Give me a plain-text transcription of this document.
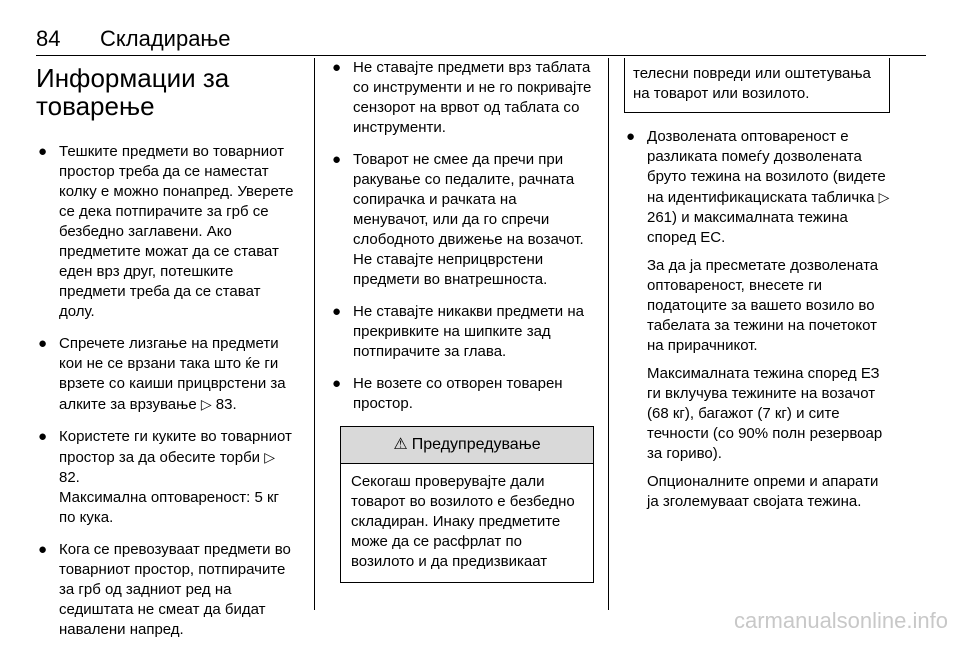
84 Складирање
Информации за
товарење
● Тешките предмети во товарниот простор треба да се наместат колку е можно понапред. Уверете се дека потпирачите за грб се безбедно заглавени. Ако предметите можат да се стават еден врз друг, потешките предмети треба да се стават долу.

● Спречете лизгање на предмети кои не се врзани така што ќе ги врзете со каиши прицврстени за алките за врзување ▷ 83.

● Користете ги куките во товарниот простор за да обесите торби ▷ 82.
Максимална оптовареност: 5 кг по кука.

● Кога се превозуваат предмети во товарниот простор, потпирачите за грб од задниот ред на седиштата не смеат да бидат навалени напред.

● Не ставајте предмети врз таблата со инструменти и не го покривајте сензорот на врвот од таблата со инструменти.

● Товарот не смее да пречи при ракување со педалите, рачната сопирачка и рачката на менувачот, или да го спречи слободното движење на возачот. Не ставајте неприцврстени предмети во внатрешноста.

● Не ставајте никакви предмети на прекривките на шипките зад потпирачите за глава.

● Не возете со отворен товарен простор.

⚠ Предупредување
Секогаш проверувајте дали товарот во возилото е безбедно складиран. Инаку предметите може да се расфрлат по возилото и да предизвикаат
телесни повреди или оштетувања на товарот или возилото.
● Дозволената оптовареност е разликата помеѓу дозволената бруто тежина на возилото (видете на идентификациската табличка ▷ 261) и максималната тежина според ЕС.

За да ја пресметате дозволената оптовареност, внесете ги податоците за вашето возило во табелата за тежини на почетокот на прирачникот.

Максималната тежина според ЕЗ ги вклучува тежините на возачот (68 кг), багажот (7 кг) и сите течности (со 90% полн резервоар за гориво).

Опционалните опреми и апарати ја зголемуваат својата тежина.

carmanualsonline.info
